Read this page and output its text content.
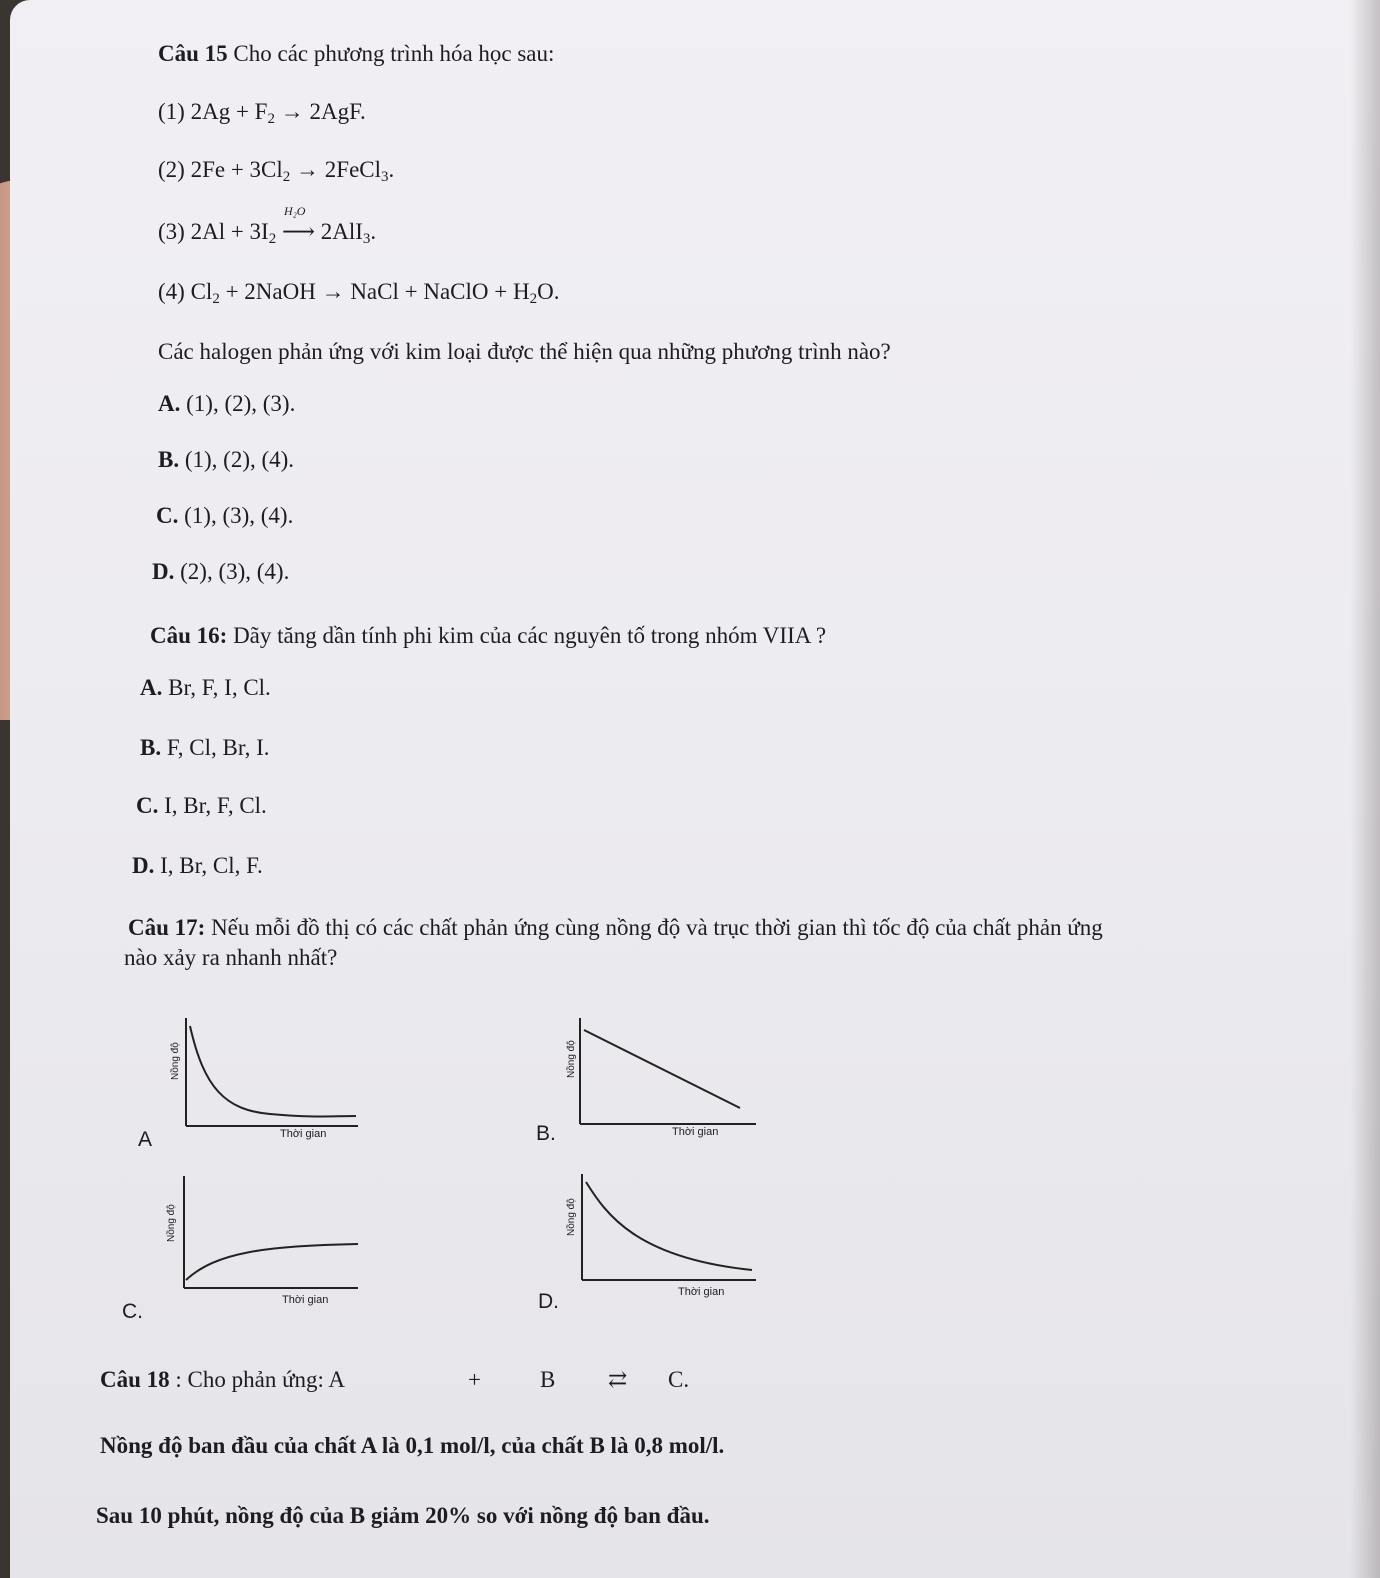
Câu 15 Cho các phương trình hóa học sau:
(1) $2Ag + F_2 \to 2AgF$.
(2) $2Fe + 3Cl_2$ → 2FeCl$_3$.
(3) $2Al + 3I_2$
H₂O
⟶ 2AlI$_3$.
(4) $Cl_2$ + 2NaOH → NaCl + NaClO + $H_2O$.
Các halogen phản ứng với kim loại được thể hiện qua những phương trình nào?
A. (1), (2), (3).
B. (1), (2), (4).
C. (1), (3), (4).
D. (2), (3), (4).
Câu 16: Dãy tăng dần tính phi kim của các nguyên tố trong nhóm VIIA ?
A. Br, F, I, Cl.
B. F, Cl, Br, I.
C. I, Br, F, Cl.
D. I, Br, Cl, F.
Câu 17: Nếu mỗi đồ thị có các chất phản ứng cùng nồng độ và trục thời gian thì tốc độ của chất phản ứng
nào xảy ra nhanh nhất?
A	Thời gian
Nồng độ
B.	Thời gian
Nồng độ
C.	Thời gian
Nồng độ
D.	Thời gian
Nồng độ
Câu 18 : Cho phản ứng: A	+	B ⇄ C.
Nồng độ ban đầu của chất A là 0,1 mol/l, của chất B là 0,8 mol/l.
Sau 10 phút, nồng độ của B giảm 20% so với nồng độ ban đầu.
